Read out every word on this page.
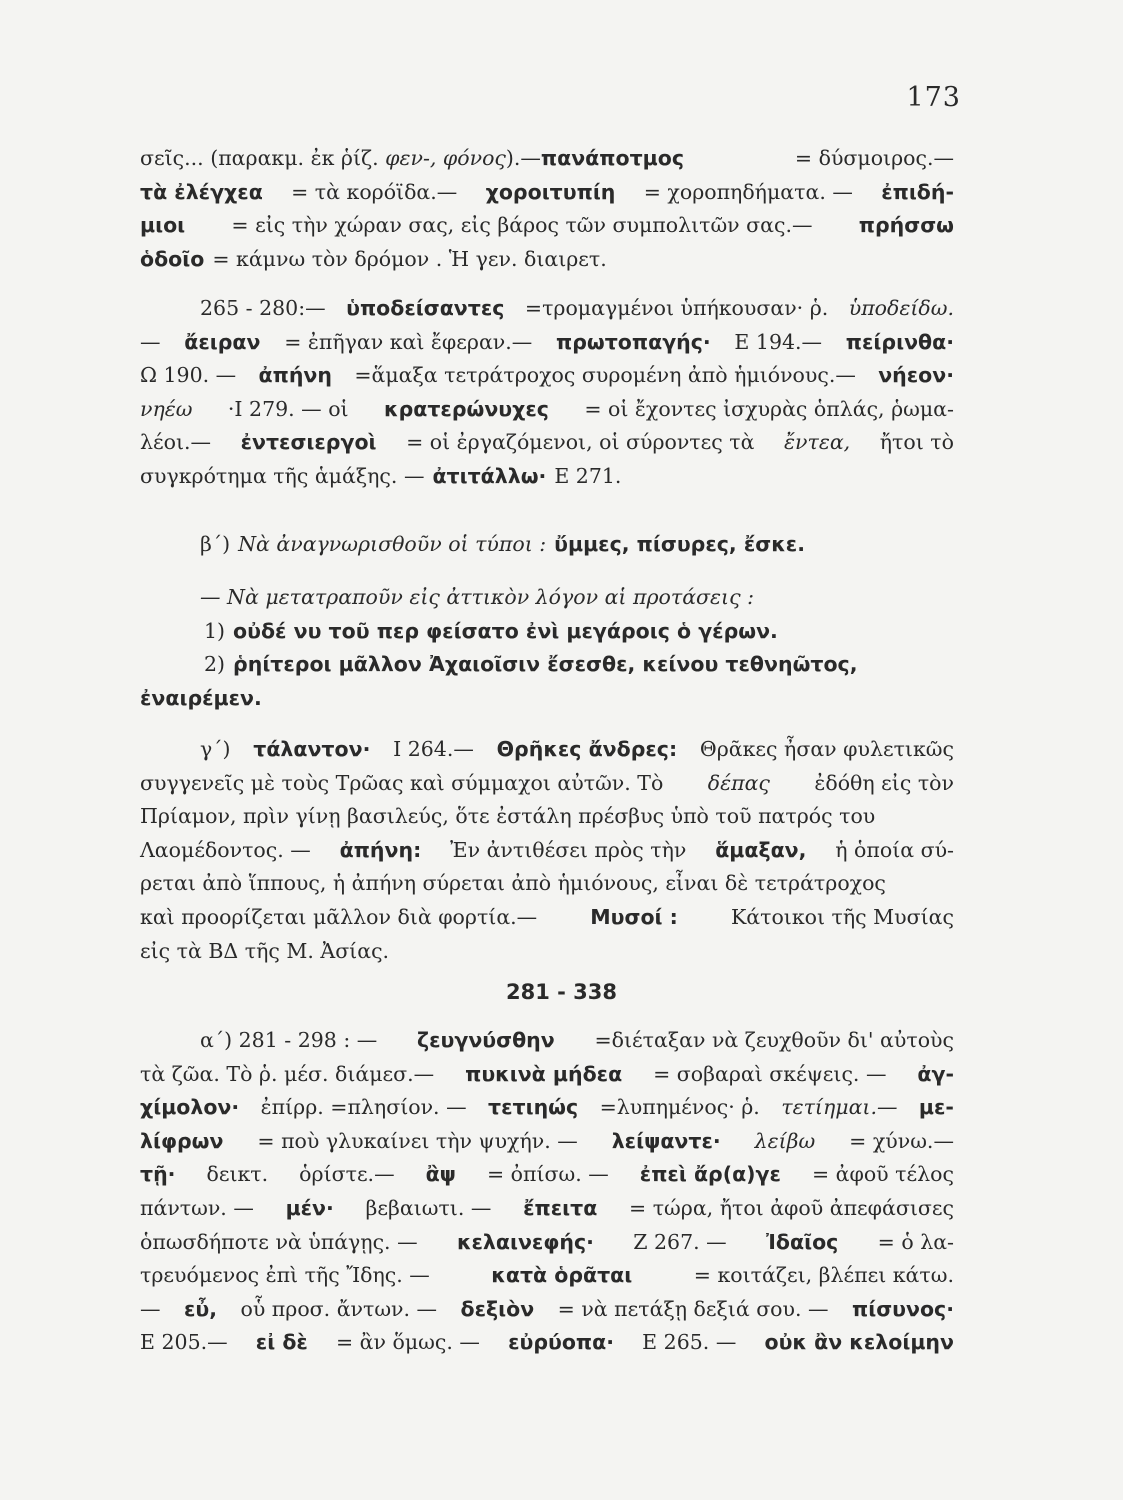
173
σεῖς... (παρακμ. ἐκ ῥίζ. φεν-, φόνος).—πανάποτμος	= δύσμοιρος.—
τὰ ἐλέγχεα = τὰ κορόϊδα.— χοροιτυπίη = χοροπηδήματα. — ἐπιδή-
μιοι = εἰς τὴν χώραν σας, εἰς βάρος τῶν συμπολιτῶν σας.— πρήσσω
ὁδοῖο = κάμνω τὸν δρόμον . Ἡ γεν. διαιρετ.
265 - 280:— ὑποδείσαντες =τρομαγμένοι ὑπήκουσαν· ῥ. ὑποδείδω.
— ἄειραν = ἐπῆγαν καὶ ἔφεραν.— πρωτοπαγής· Ε 194.— πείρινθα·
Ω 190. — ἀπήνη =ἅμαξα τετράτροχος συρομένη ἀπὸ ἡμιόνους.— νήεον·
νηέω ·Ι 279. — οἱ κρατερώνυχες = οἱ ἔχοντες ἰσχυρὰς ὁπλάς, ῥωμα-
λέοι.— ἐντεσιεργοὶ = οἱ ἐργαζόμενοι, οἱ σύροντες τὰ ἔντεα, ἤτοι τὸ
συγκρότημα τῆς ἁμάξης. — ἀτιτάλλω· Ε 271.
β΄) Νὰ ἀναγνωρισθοῦν οἱ τύποι : ὔμμες, πίσυρες, ἔσκε.
— Νὰ μετατραποῦν εἰς ἀττικὸν λόγον αἱ προτάσεις :
1) οὐδέ νυ τοῦ περ φείσατο ἐνὶ μεγάροις ὁ γέρων.
2) ῥηίτεροι μᾶλλον Ἀχαιοῖσιν ἔσεσθε, κείνου τεθνηῶτος,
ἐναιρέμεν.
γ΄) τάλαντον· Ι 264.— Θρῆκες ἄνδρες: Θρᾶκες ἦσαν φυλετικῶς
συγγενεῖς μὲ τοὺς Τρῶας καὶ σύμμαχοι αὐτῶν. Τὸ δέπας ἐδόθη εἰς τὸν
Πρίαμον, πρὶν γίνῃ βασιλεύς, ὅτε ἐστάλη πρέσβυς ὑπὸ τοῦ πατρός του
Λαομέδοντος. — ἀπήνη: Ἐν ἀντιθέσει πρὸς τὴν ἅμαξαν, ἡ ὁποία σύ-
ρεται ἀπὸ ἵππους, ἡ ἀπήνη σύρεται ἀπὸ ἡμιόνους, εἶναι δὲ τετράτροχος
καὶ προορίζεται μᾶλλον διὰ φορτία.—	Μυσοί :	Κάτοικοι τῆς Μυσίας
εἰς τὰ ΒΔ τῆς Μ. Ἀσίας.
281 - 338
α΄) 281 - 298 : — ζευγνύσθην =διέταξαν νὰ ζευχθοῦν δι' αὐτοὺς
τὰ ζῶα. Τὸ ῥ. μέσ. διάμεσ.— πυκινὰ μήδεα = σοβαραὶ σκέψεις. — ἀγ-
χίμολον· ἐπίρρ. =πλησίον. — τετιηώς =λυπημένος· ῥ. τετίημαι.— με-
λίφρων = ποὺ γλυκαίνει τὴν ψυχήν. — λείψαντε· λείβω = χύνω.—
τῇ· δεικτ. ὁρίστε.— ἂψ = ὀπίσω. — ἐπεὶ ἄρ(α)γε = ἀφοῦ τέλος
πάντων. — μέν· βεβαιωτι. — ἔπειτα = τώρα, ἤτοι ἀφοῦ ἀπεφάσισες
ὁπωσδήποτε νὰ ὑπάγῃς. — κελαινεφής· Ζ 267. — Ἰδαῖος = ὁ λα-
τρευόμενος ἐπὶ τῆς Ἴδης. —	κατὰ ὁρᾶται	= κοιτάζει, βλέπει κάτω.
— εὖ, οὗ προσ. ἄντων. — δεξιὸν = νὰ πετάξῃ δεξιά σου. — πίσυνος·
Ε 205.— εἰ δὲ = ἂν ὅμως. — εὐρύοπα· Ε 265. — οὐκ ἂν κελοίμην
